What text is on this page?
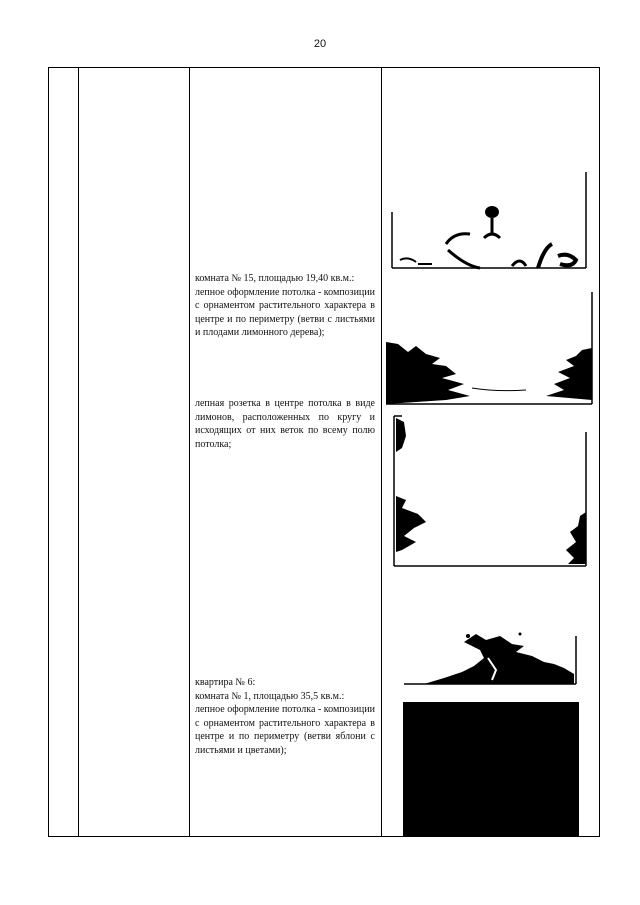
20

комната № 15, площадью 19,40 кв.м.:

лепное оформление потолка - композиции с орнаментом растительного характера в центре и по периметру (ветви с листьями и плодами лимонного дерева);

лепная розетка в центре потолка в виде лимонов, расположенных по кругу и исходящих от них веток по всему полю потолка;

квартира № 6:

комната № 1, площадью 35,5 кв.м.:

лепное оформление потолка - композиции с орнаментом растительного характера в центре и по периметру (ветви яблони с листьями и цветами);
